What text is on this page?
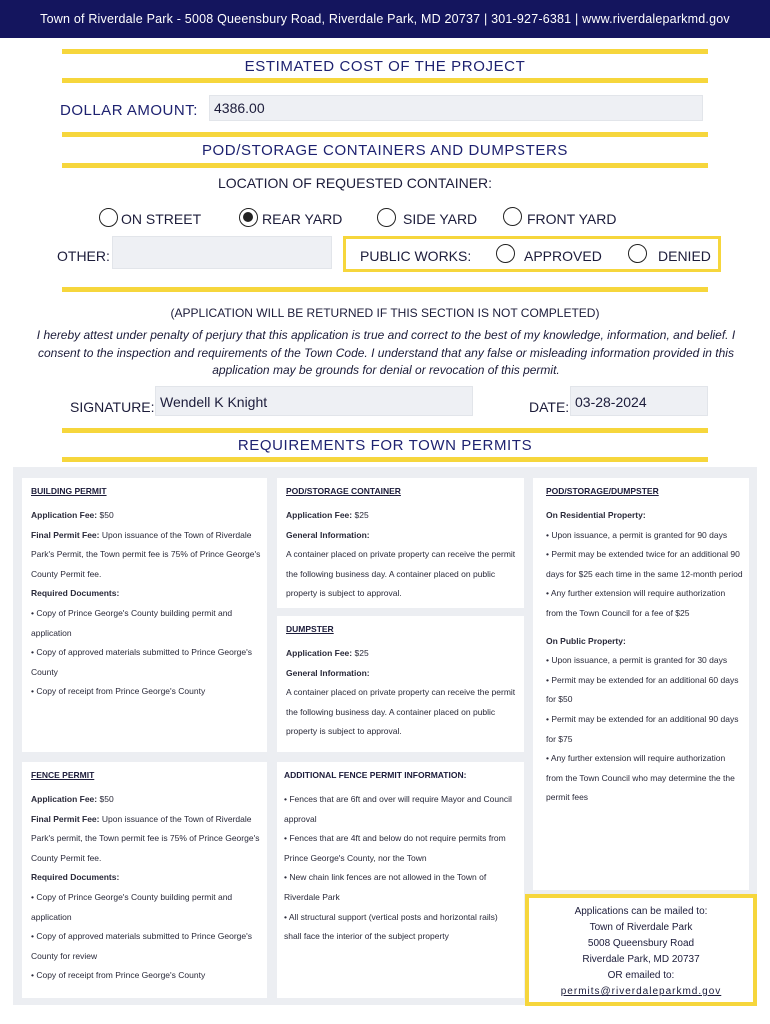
Town of Riverdale Park - 5008 Queensbury Road, Riverdale Park, MD 20737 | 301-927-6381 | www.riverdaleparkmd.gov
ESTIMATED COST OF THE PROJECT
DOLLAR AMOUNT:	4386.00
POD/STORAGE CONTAINERS AND DUMPSTERS
LOCATION OF REQUESTED CONTAINER:
ON STREET	REAR YARD	SIDE YARD	FRONT YARD
OTHER:	PUBLIC WORKS:	APPROVED	DENIED
(APPLICATION WILL BE RETURNED IF THIS SECTION IS NOT COMPLETED)
I hereby attest under penalty of perjury that this application is true and correct to the best of my knowledge, information, and belief. I consent to the inspection and requirements of the Town Code. I understand that any false or misleading information provided in this application may be grounds for denial or revocation of this permit.
SIGNATURE: Wendell K Knight	DATE: 03-28-2024
REQUIREMENTS FOR TOWN PERMITS
BUILDING PERMIT
Application Fee: $50
Final Permit Fee: Upon issuance of the Town of Riverdale Park's Permit, the Town permit fee is 75% of Prince George's County Permit fee.
Required Documents:
• Copy of Prince George's County building permit and application
• Copy of approved materials submitted to Prince George's County
• Copy of receipt from Prince George's County
POD/STORAGE CONTAINER
Application Fee: $25
General Information:
A container placed on private property can receive the permit the following business day. A container placed on public property is subject to approval.
DUMPSTER
Application Fee: $25
General Information:
A container placed on private property can receive the permit the following business day. A container placed on public property is subject to approval.
POD/STORAGE/DUMPSTER
On Residential Property:
• Upon issuance, a permit is granted for 90 days
• Permit may be extended twice for an additional 90 days for $25 each time in the same 12-month period
• Any further extension will require authorization from the Town Council for a fee of $25
On Public Property:
• Upon issuance, a permit is granted for 30 days
• Permit may be extended for an additional 60 days for $50
• Permit may be extended for an additional 90 days for $75
• Any further extension will require authorization from the Town Council who may determine the the permit fees
FENCE PERMIT
Application Fee: $50
Final Permit Fee: Upon issuance of the Town of Riverdale Park's permit, the Town permit fee is 75% of Prince George's County Permit fee.
Required Documents:
• Copy of Prince George's County building permit and application
• Copy of approved materials submitted to Prince George's County for review
• Copy of receipt from Prince George's County
ADDITIONAL FENCE PERMIT INFORMATION:
• Fences that are 6ft and over will require Mayor and Council approval
• Fences that are 4ft and below do not require permits from Prince George's County, nor the Town
• New chain link fences are not allowed in the Town of Riverdale Park
• All structural support (vertical posts and horizontal rails) shall face the interior of the subject property
Applications can be mailed to:
Town of Riverdale Park
5008 Queensbury Road
Riverdale Park, MD 20737
OR emailed to:
permits@riverdaleparkmd.gov
